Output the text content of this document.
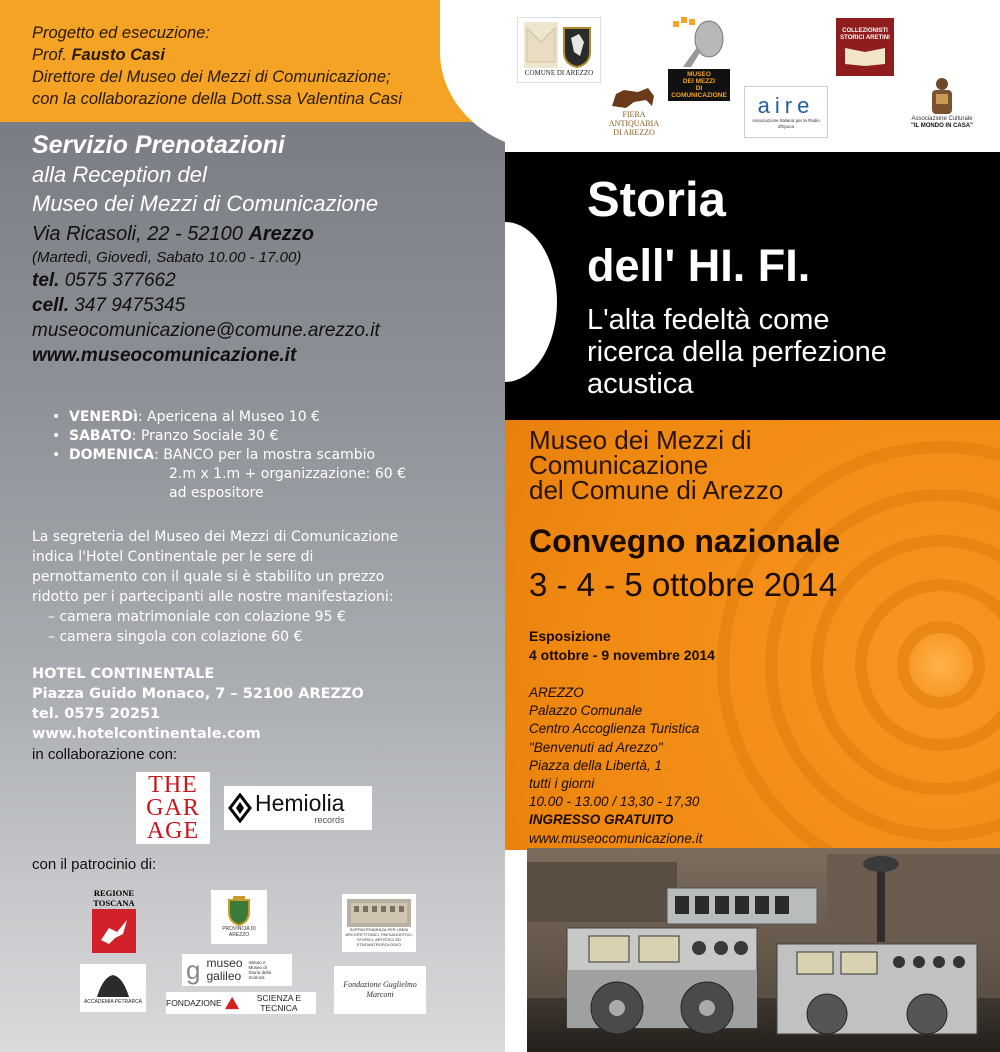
Progetto ed esecuzione:
Prof. Fausto Casi
Direttore del Museo dei Mezzi di Comunicazione;
con la collaborazione della Dott.ssa Valentina Casi
Servizio Prenotazioni
alla Reception del
Museo dei Mezzi di Comunicazione
Via Ricasoli, 22 - 52100 Arezzo
(Martedì, Giovedì, Sabato 10.00 - 17.00)
tel. 0575 377662
cell. 347 9475345
museocomunicazione@comune.arezzo.it
www.museocomunicazione.it
• VENERDì: Apericena al Museo 10 €
• SABATO: Pranzo Sociale 30 €
• DOMENICA: BANCO per la mostra scambio
2.m x 1.m + organizzazione: 60 €
ad espositore
La segreteria del Museo dei Mezzi di Comunicazione
indica l'Hotel Continentale per le sere di
pernottamento con il quale si è stabilito un prezzo
ridotto per i partecipanti alle nostre manifestazioni:
– camera matrimoniale con colazione 95 €
– camera singola con colazione 60 €
HOTEL CONTINENTALE
Piazza Guido Monaco, 7 – 52100 AREZZO
tel. 0575 20251
www.hotelcontinentale.com
in collaborazione con:
THE
GAR
AGE
Hemiolia
records
con il patrocinio di:
REGIONE TOSCANA
PROVINCIA DI AREZZO
SOPRINTENDENZA PER I BENI ARCHITETTONICI, PAESAGGISTICI, STORICI, ARTISTICI ED ETNOANTROPOLOGICI
g museo
galileo
Istituto e Museo di Storia della Scienza
ACCADEMIA PETRARCA	FONDAZIONE	SCIENZA E TECNICA
Fondazione Guglielmo Marconi
COMUNE DI AREZZO
FIERA
ANTIQUARIA
DI AREZZO
MUSEO
DEI MEZZI
DI COMUNICAZIONE aire
Associazione Italiana per la Radio d'Epoca
COLLEZIONISTI STORICI ARETINI
Associazione Culturale
"IL MONDO IN CASA"
Storia
dell' HI. FI.
L'alta fedeltà come
ricerca della perfezione
acustica
Museo dei Mezzi di
Comunicazione
del Comune di Arezzo
Convegno nazionale
3 - 4 - 5 ottobre 2014
Esposizione
4 ottobre - 9 novembre 2014
AREZZO
Palazzo Comunale
Centro Accoglienza Turistica
"Benvenuti ad Arezzo"
Piazza della Libertà, 1
tutti i giorni
10.00 - 13.00 / 13,30 - 17,30
INGRESSO GRATUITO
www.museocomunicazione.it
